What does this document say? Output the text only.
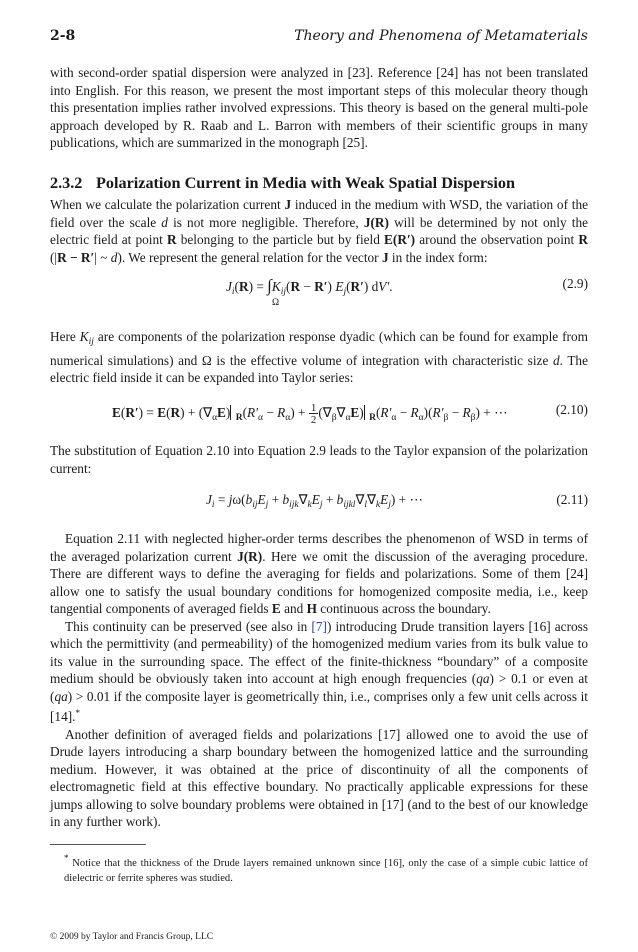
2-8	Theory and Phenomena of Metamaterials

with second-order spatial dispersion were analyzed in [23]. Reference [24] has not been translated into English. For this reason, we present the most important steps of this molecular theory though this presentation implies rather involved expressions. This theory is based on the general multi-pole approach developed by R. Raab and L. Barron with members of their scientific groups in many publications, which are summarized in the monograph [25].

2.3.2 Polarization Current in Media with Weak Spatial Dispersion

When we calculate the polarization current J induced in the medium with WSD, the variation of the field over the scale d is not more negligible. Therefore, J(R) will be determined by not only the electric field at point R belonging to the particle but by field E(R′) around the observation point R (|R − R′| ~ d). We represent the general relation for the vector J in the index form:

$J_i(R) = \int K_{ij}(R - R')$ $E_j(R')$ dV′.
Ω
(2.9)

Here $K_{ij}$ are components of the polarization response dyadic (which can be found for example from numerical simulations) and Ω is the effective volume of integration with characteristic size d. The electric field inside it can be expanded into Taylor series:

$E(R') = E(R) + (\nabla_\alpha E) _R(R'_\alpha - R_\alpha) + 1$
2 $(\nabla_\beta\nabla_\alpha E) _R(R'_\alpha - R_\alpha)(R'_\beta - R_\beta)$ + ⋯	(2.10)

The substitution of Equation 2.10 into Equation 2.9 leads to the Taylor expansion of the polarization current:

$J_i = j\omega(b_{ij}E_j + b_{ijk}\nabla_kE_j + b_{ijkl}\nabla_l\nabla_kE_j)$ + ⋯	(2.11)

Equation 2.11 with neglected higher-order terms describes the phenomenon of WSD in terms of the averaged polarization current J(R). Here we omit the discussion of the averaging procedure. There are different ways to define the averaging for fields and polarizations. Some of them [24] allow one to satisfy the usual boundary conditions for homogenized composite media, i.e., keep tangential components of averaged fields E and H continuous across the boundary.

This continuity can be preserved (see also in [7]) introducing Drude transition layers [16] across which the permittivity (and permeability) of the homogenized medium varies from its bulk value to its value in the surrounding space. The effect of the finite-thickness “boundary” of a composite medium should be obviously taken into account at high enough frequencies (qa) > 0.1 or even at (qa) > 0.01 if the composite layer is geometrically thin, i.e., comprises only a few unit cells across it [14].*

Another definition of averaged fields and polarizations [17] allowed one to avoid the use of Drude layers introducing a sharp boundary between the homogenized lattice and the surrounding medium. However, it was obtained at the price of discontinuity of all the components of electromagnetic field at this effective boundary. No practically applicable expressions for these jumps allowing to solve boundary problems were obtained in [17] (and to the best of our knowledge in any further work).

* Notice that the thickness of the Drude layers remained unknown since [16], only the case of a simple cubic lattice of dielectric or ferrite spheres was studied.

© 2009 by Taylor and Francis Group, LLC
